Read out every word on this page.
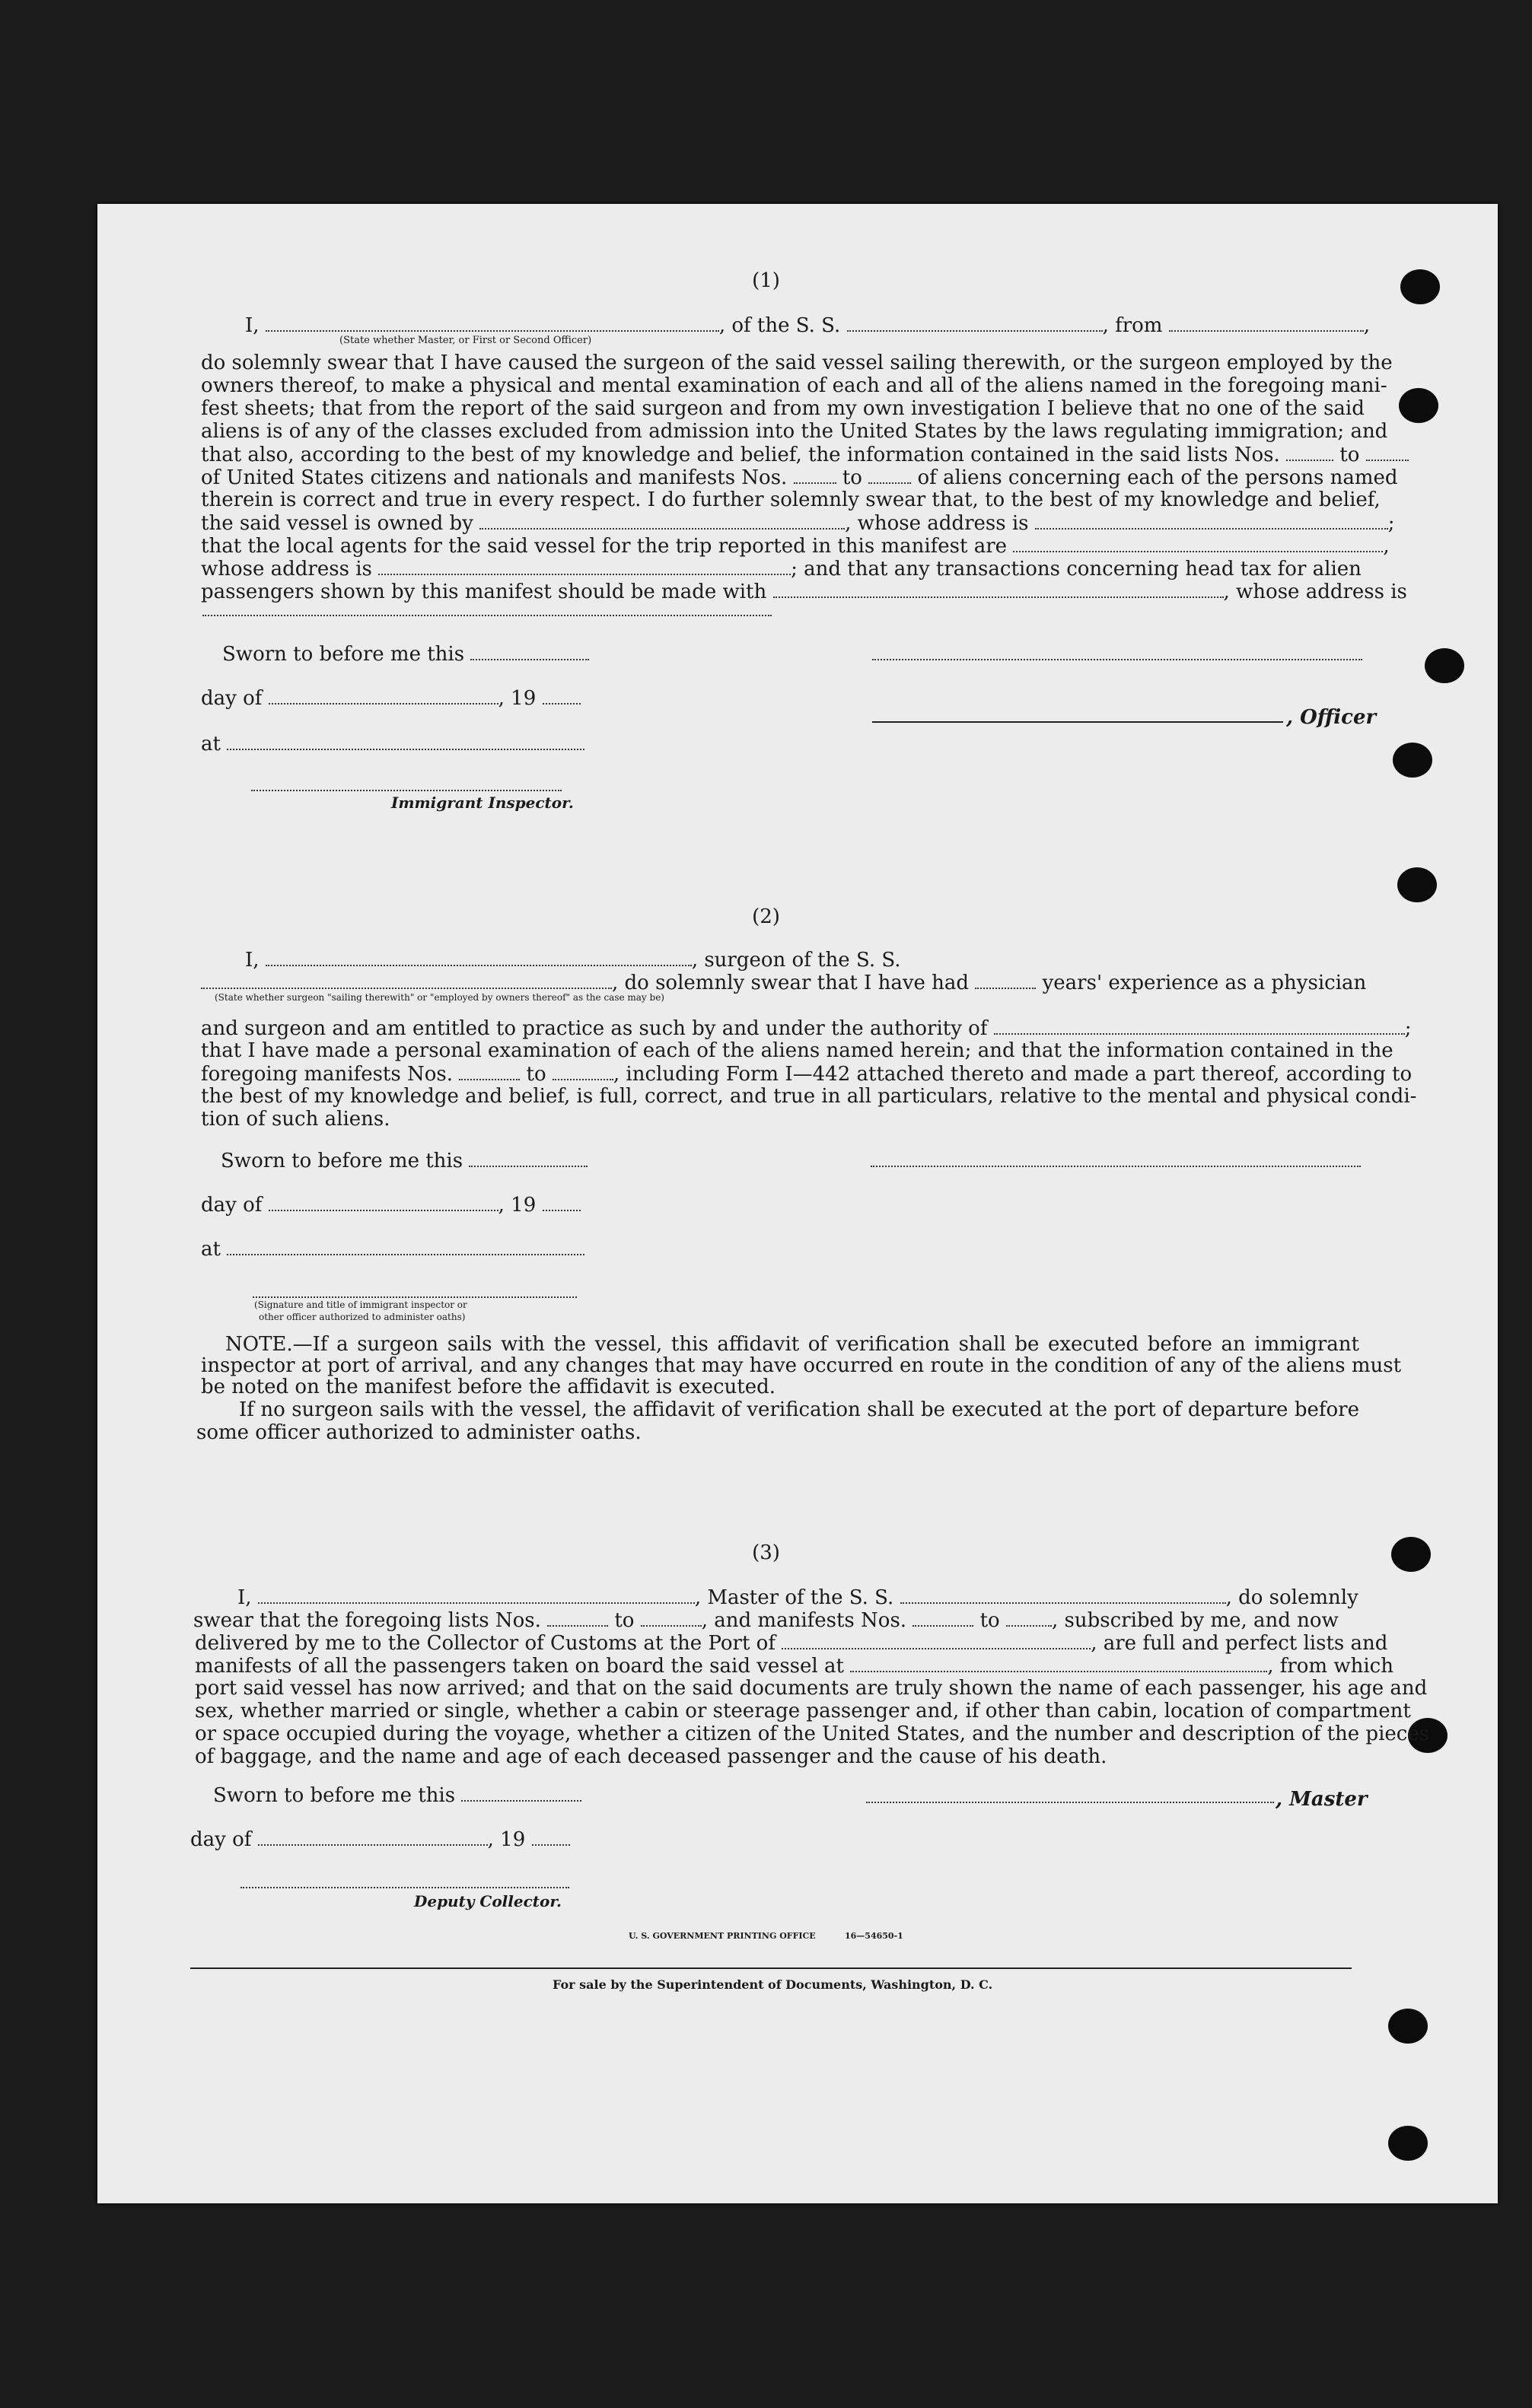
(1)
I,	, of the S. S.	, from	,
(State whether Master, or First or Second Officer)
do solemnly swear that I have caused the surgeon of the said vessel sailing therewith, or the surgeon employed by the
owners thereof, to make a physical and mental examination of each and all of the aliens named in the foregoing mani-
fest sheets; that from the report of the said surgeon and from my own investigation I believe that no one of the said
aliens is of any of the classes excluded from admission into the United States by the laws regulating immigration; and
that also, according to the best of my knowledge and belief, the information contained in the said lists Nos.	to
of United States citizens and nationals and manifests Nos.	to	of aliens concerning each of the persons named
therein is correct and true in every respect. I do further solemnly swear that, to the best of my knowledge and belief,
the said vessel is owned by	, whose address is	;
that the local agents for the said vessel for the trip reported in this manifest are	,
whose address is	; and that any transactions concerning head tax for alien
passengers shown by this manifest should be made with	, whose address is
Sworn to before me this
day of	, 19
, Officer
at
Immigrant Inspector.
(2)
I,	, surgeon of the S. S.
, do solemnly swear that I have had	years' experience as a physician
(State whether surgeon "sailing therewith" or "employed by owners thereof" as the case may be)
and surgeon and am entitled to practice as such by and under the authority of	;
that I have made a personal examination of each of the aliens named herein; and that the information contained in the
foregoing manifests Nos.	to	, including Form I—442 attached thereto and made a part thereof, according to
the best of my knowledge and belief, is full, correct, and true in all particulars, relative to the mental and physical condi-
tion of such aliens.
Sworn to before me this
day of	, 19
at
(Signature and title of immigrant inspector or
other officer authorized to administer oaths)
NOTE.—If a surgeon sails with the vessel, this affidavit of verification shall be executed before an immigrant
inspector at port of arrival, and any changes that may have occurred en route in the condition of any of the aliens must
be noted on the manifest before the affidavit is executed.
If no surgeon sails with the vessel, the affidavit of verification shall be executed at the port of departure before
some officer authorized to administer oaths.
(3)
I,	, Master of the S. S.	, do solemnly
swear that the foregoing lists Nos.	to	, and manifests Nos.	to	, subscribed by me, and now
delivered by me to the Collector of Customs at the Port of	, are full and perfect lists and
manifests of all the passengers taken on board the said vessel at	, from which
port said vessel has now arrived; and that on the said documents are truly shown the name of each passenger, his age and
sex, whether married or single, whether a cabin or steerage passenger and, if other than cabin, location of compartment
or space occupied during the voyage, whether a citizen of the United States, and the number and description of the pieces
of baggage, and the name and age of each deceased passenger and the cause of his death.
Sworn to before me this	, Master
day of	, 19
Deputy Collector.
U. S. GOVERNMENT PRINTING OFFICE          16—54650-1
For sale by the Superintendent of Documents, Washington, D. C.
